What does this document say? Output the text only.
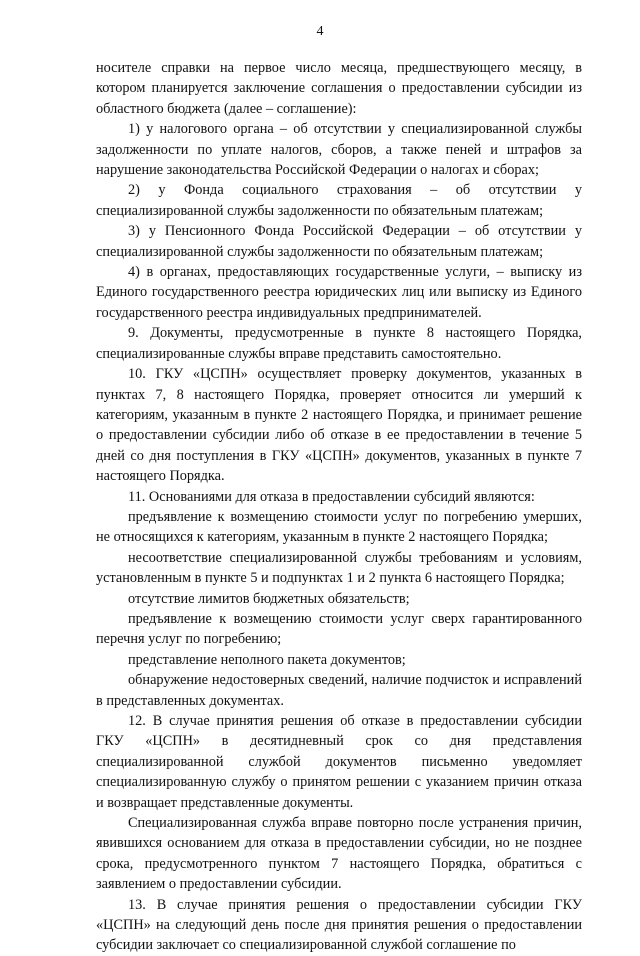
4

носителе справки на первое число месяца, предшествующего месяцу, в котором планируется заключение соглашения о предоставлении субсидии из областного бюджета (далее – соглашение):

1) у налогового органа – об отсутствии у специализированной службы задолженности по уплате налогов, сборов, а также пеней и штрафов за нарушение законодательства Российской Федерации о налогах и сборах;

2) у Фонда социального страхования – об отсутствии у специализированной службы задолженности по обязательным платежам;

3) у Пенсионного Фонда Российской Федерации – об отсутствии у специализированной службы задолженности по обязательным платежам;

4) в органах, предоставляющих государственные услуги, – выписку из Единого государственного реестра юридических лиц или выписку из Единого государственного реестра индивидуальных предпринимателей.

9. Документы, предусмотренные в пункте 8 настоящего Порядка, специализированные службы вправе представить самостоятельно.

10. ГКУ «ЦСПН» осуществляет проверку документов, указанных в пунктах 7, 8 настоящего Порядка, проверяет относится ли умерший к категориям, указанным в пункте 2 настоящего Порядка, и принимает решение о предоставлении субсидии либо об отказе в ее предоставлении в течение 5 дней со дня поступления в ГКУ «ЦСПН» документов, указанных в пункте 7 настоящего Порядка.

11. Основаниями для отказа в предоставлении субсидий являются:

предъявление к возмещению стоимости услуг по погребению умерших, не относящихся к категориям, указанным в пункте 2 настоящего Порядка;

несоответствие специализированной службы требованиям и условиям, установленным в пункте 5 и подпунктах 1 и 2 пункта 6 настоящего Порядка;

отсутствие лимитов бюджетных обязательств;

предъявление к возмещению стоимости услуг сверх гарантированного перечня услуг по погребению;

представление неполного пакета документов;

обнаружение недостоверных сведений, наличие подчисток и исправлений в представленных документах.

12. В случае принятия решения об отказе в предоставлении субсидии ГКУ «ЦСПН» в десятидневный срок со дня представления специализированной службой документов письменно уведомляет специализированную службу о принятом решении с указанием причин отказа и возвращает представленные документы.

Специализированная служба вправе повторно после устранения причин, явившихся основанием для отказа в предоставлении субсидии, но не позднее срока, предусмотренного пунктом 7 настоящего Порядка, обратиться с заявлением о предоставлении субсидии.

13. В случае принятия решения о предоставлении субсидии ГКУ «ЦСПН» на следующий день после дня принятия решения о предоставлении субсидии заключает со специализированной службой соглашение по
